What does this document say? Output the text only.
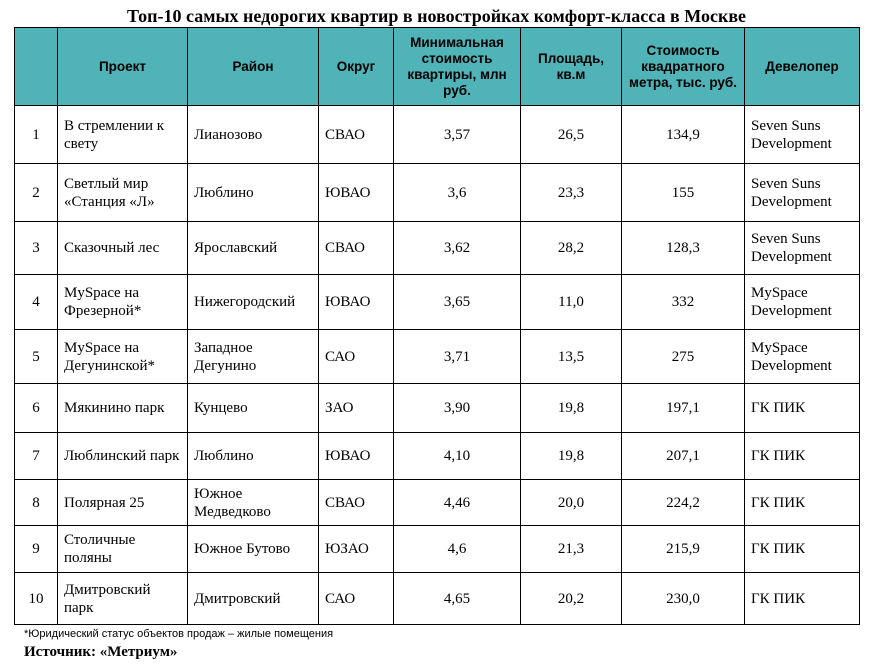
Топ-10 самых недорогих квартир в новостройках комфорт-класса в Москве
	Проект	Район	Округ	Минимальная стоимость квартиры, млн руб.	Площадь, кв.м	Стоимость квадратного метра, тыс. руб.	Девелопер
1	В стремлении к свету	Лианозово	СВАО	3,57	26,5	134,9	Seven Suns Development
2	Светлый мир «Станция «Л»	Люблино	ЮВАО	3,6	23,3	155	Seven Suns Development
3	Сказочный лес	Ярославский	СВАО	3,62	28,2	128,3	Seven Suns Development
4	MySpace на Фрезерной*	Нижегородский	ЮВАО	3,65	11,0	332	MySpace Development
5	MySpace на Дегунинской*	Западное Дегунино	САО	3,71	13,5	275	MySpace Development
6	Мякинино парк	Кунцево	ЗАО	3,90	19,8	197,1	ГК ПИК
7	Люблинский парк	Люблино	ЮВАО	4,10	19,8	207,1	ГК ПИК
8	Полярная 25	Южное Медведково	СВАО	4,46	20,0	224,2	ГК ПИК
9	Столичные поляны	Южное Бутово	ЮЗАО	4,6	21,3	215,9	ГК ПИК
10	Дмитровский парк	Дмитровский	САО	4,65	20,2	230,0	ГК ПИК
*Юридический статус объектов продаж – жилые помещения
Источник: «Метриум»
